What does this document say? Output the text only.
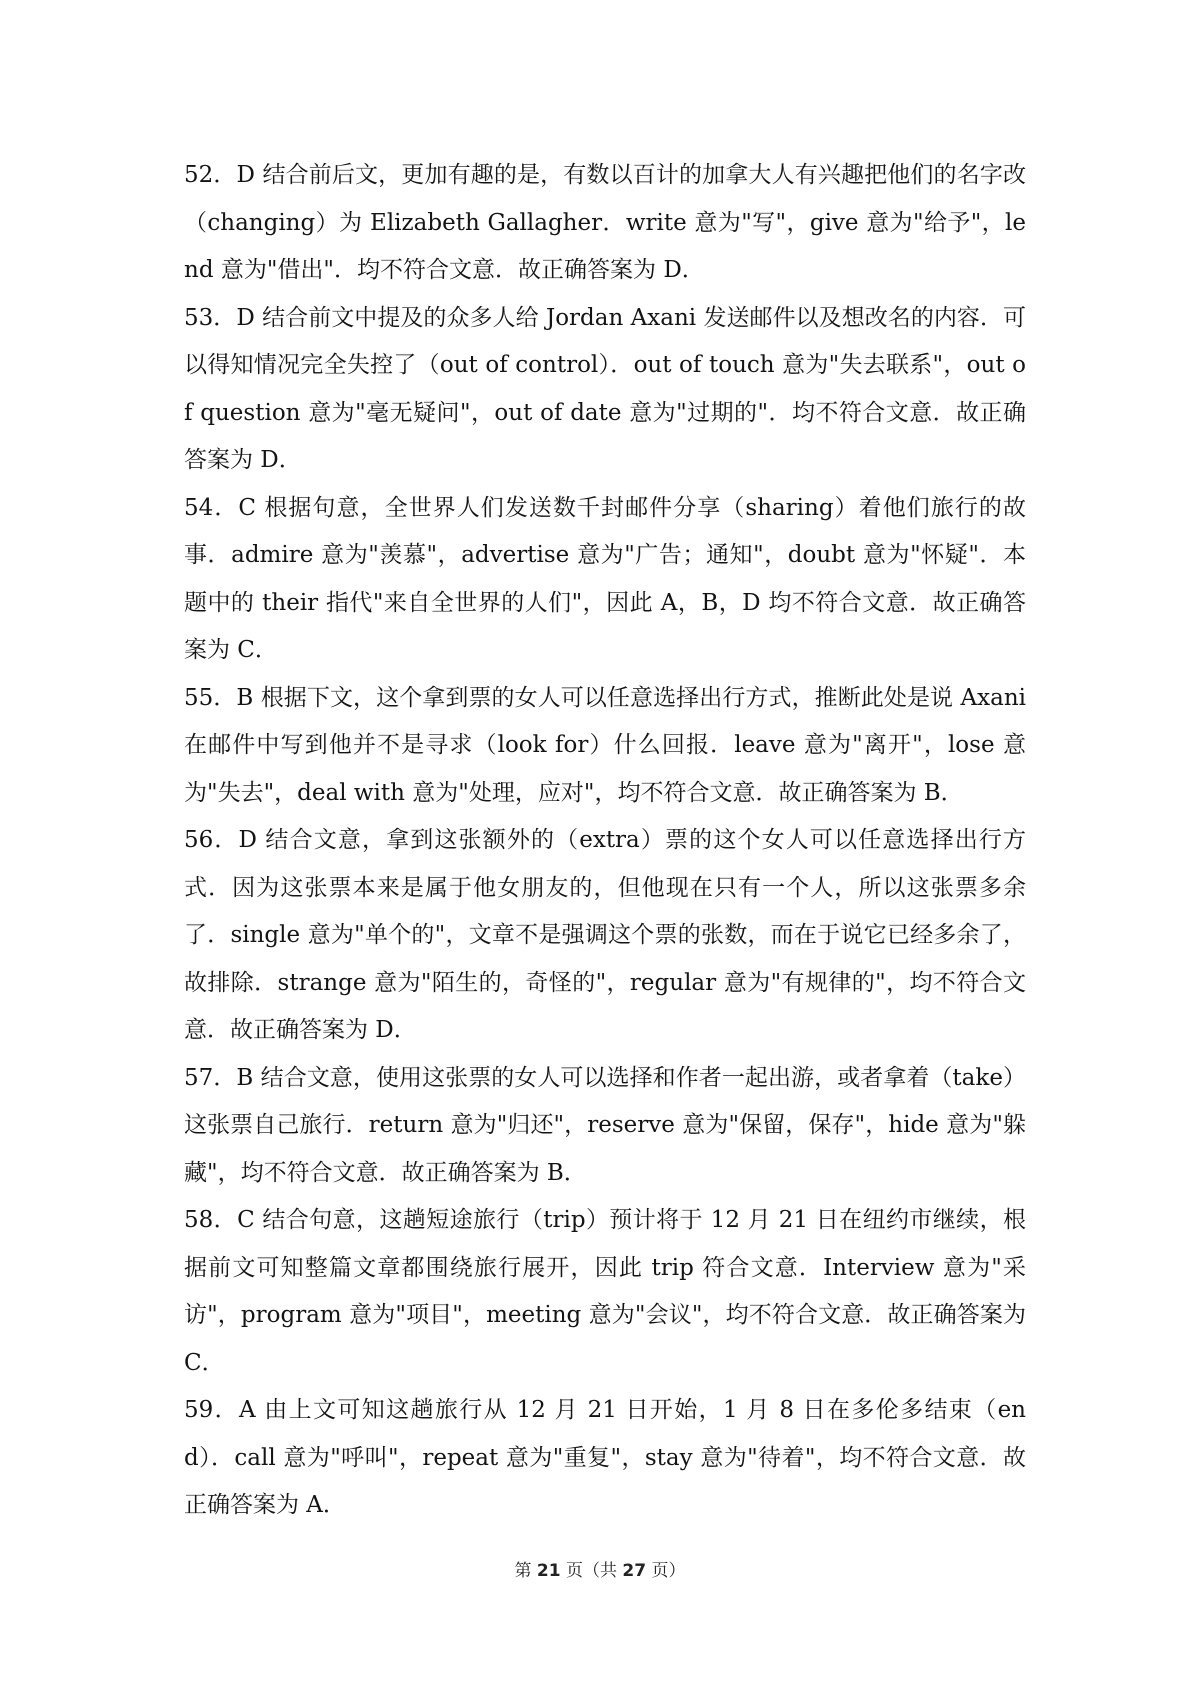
52．D 结合前后文，更加有趣的是，有数以百计的加拿大人有兴趣把他们的名字改（changing）为 Elizabeth Gallagher．write 意为"写"，give 意为"给予"，lend 意为"借出"．均不符合文意．故正确答案为 D．

53．D 结合前文中提及的众多人给 Jordan Axani 发送邮件以及想改名的内容．可以得知情况完全失控了（out of control）．out of touch 意为"失去联系"，out of question 意为"毫无疑问"，out of date 意为"过期的"．均不符合文意．故正确答案为 D．

54．C 根据句意，全世界人们发送数千封邮件分享（sharing）着他们旅行的故事．admire 意为"羡慕"，advertise 意为"广告；通知"，doubt 意为"怀疑"．本题中的 their 指代"来自全世界的人们"，因此 A，B，D 均不符合文意．故正确答案为 C．

55．B 根据下文，这个拿到票的女人可以任意选择出行方式，推断此处是说 Axani 在邮件中写到他并不是寻求（look for）什么回报．leave 意为"离开"，lose 意为"失去"，deal with 意为"处理，应对"，均不符合文意．故正确答案为 B．

56．D 结合文意，拿到这张额外的（extra）票的这个女人可以任意选择出行方式．因为这张票本来是属于他女朋友的，但他现在只有一个人，所以这张票多余了．single 意为"单个的"，文章不是强调这个票的张数，而在于说它已经多余了，故排除．strange 意为"陌生的，奇怪的"，regular 意为"有规律的"，均不符合文意．故正确答案为 D．

57．B 结合文意，使用这张票的女人可以选择和作者一起出游，或者拿着（take）这张票自己旅行．return 意为"归还"，reserve 意为"保留，保存"，hide 意为"躲藏"，均不符合文意．故正确答案为 B．

58．C 结合句意，这趟短途旅行（trip）预计将于 12 月 21 日在纽约市继续，根据前文可知整篇文章都围绕旅行展开，因此 trip 符合文意．Interview 意为"采访"，program 意为"项目"，meeting 意为"会议"，均不符合文意．故正确答案为 C．

59．A 由上文可知这趟旅行从 12 月 21 日开始，1 月 8 日在多伦多结束（end）．call 意为"呼叫"，repeat 意为"重复"，stay 意为"待着"，均不符合文意．故正确答案为 A．

第 21 页（共 27 页）
